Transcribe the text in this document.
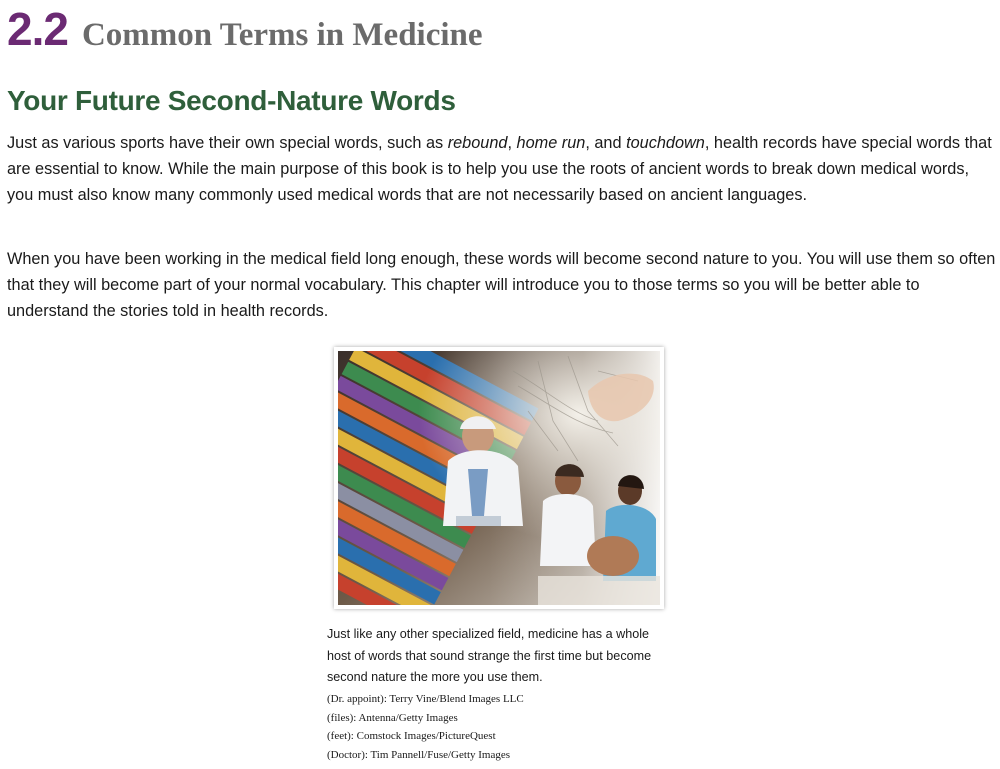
2.2 Common Terms in Medicine
Your Future Second-Nature Words

Just as various sports have their own special words, such as rebound, home run, and touchdown, health records have special words that are essential to know. While the main purpose of this book is to help you use the roots of ancient words to break down medical words, you must also know many commonly used medical words that are not necessarily based on ancient languages.

When you have been working in the medical field long enough, these words will become second nature to you. You will use them so often that they will become part of your normal vocabulary. This chapter will introduce you to those terms so you will be better able to understand the stories told in health records.

Just like any other specialized field, medicine has a whole host of words that sound strange the first time but become second nature the more you use them.

(Dr. appoint): Terry Vine/Blend Images LLC
(files): Antenna/Getty Images
(feet): Comstock Images/PictureQuest
(Doctor): Tim Pannell/Fuse/Getty Images
